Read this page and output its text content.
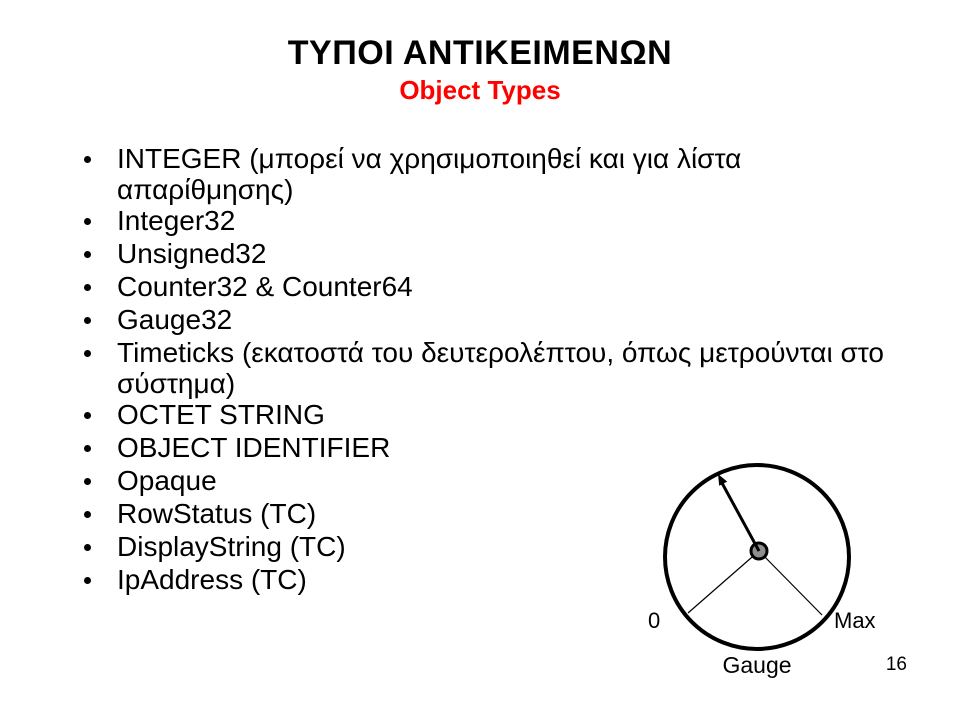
ΤΥΠΟΙ ΑΝΤΙΚΕΙΜΕΝΩΝ
Object Types
INTEGER (μπορεί να χρησιμοποιηθεί και για λίστα
απαρίθμησης)
Integer32
Unsigned32
Counter32 & Counter64
Gauge32
Timeticks (εκατοστά του δευτερολέπτου, όπως μετρούνται στο
σύστημα)
OCTET STRING
OBJECT IDENTIFIER
Opaque
RowStatus (TC)
DisplayString (TC)
IpAddress (TC)
0	Max
Gauge	16
